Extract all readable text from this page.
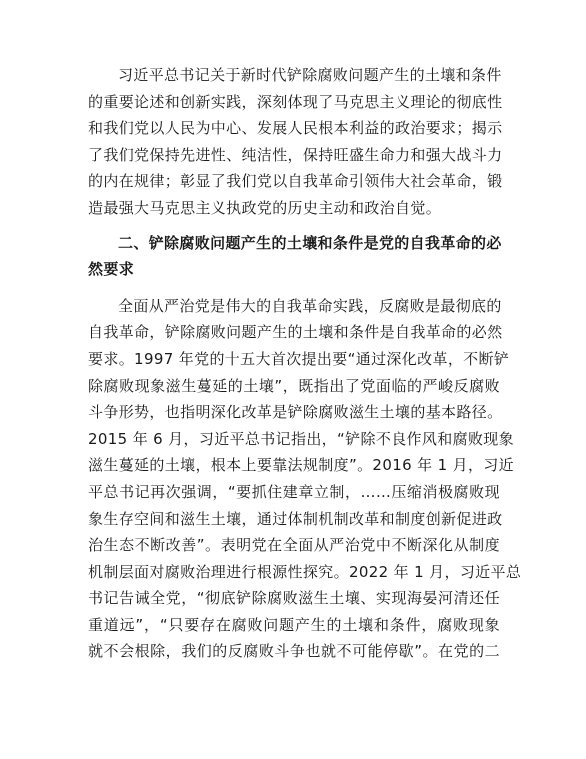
习近平总书记关于新时代铲除腐败问题产生的土壤和条件
的重要论述和创新实践，深刻体现了马克思主义理论的彻底性
和我们党以人民为中心、发展人民根本利益的政治要求；揭示
了我们党保持先进性、纯洁性，保持旺盛生命力和强大战斗力
的内在规律；彰显了我们党以自我革命引领伟大社会革命，锻
造最强大马克思主义执政党的历史主动和政治自觉。
二、铲除腐败问题产生的土壤和条件是党的自我革命的必
然要求
全面从严治党是伟大的自我革命实践，反腐败是最彻底的
自我革命，铲除腐败问题产生的土壤和条件是自我革命的必然
要求。1997 年党的十五大首次提出要“通过深化改革，不断铲
除腐败现象滋生蔓延的土壤”，既指出了党面临的严峻反腐败
斗争形势，也指明深化改革是铲除腐败滋生土壤的基本路径。
2015 年 6 月，习近平总书记指出，“铲除不良作风和腐败现象
滋生蔓延的土壤，根本上要靠法规制度”。2016 年 1 月，习近
平总书记再次强调，“要抓住建章立制，……压缩消极腐败现
象生存空间和滋生土壤，通过体制机制改革和制度创新促进政
治生态不断改善”。表明党在全面从严治党中不断深化从制度
机制层面对腐败治理进行根源性探究。2022 年 1 月，习近平总
书记告诫全党，“彻底铲除腐败滋生土壤、实现海晏河清还任
重道远”，“只要存在腐败问题产生的土壤和条件，腐败现象
就不会根除，我们的反腐败斗争也就不可能停歇”。在党的二
